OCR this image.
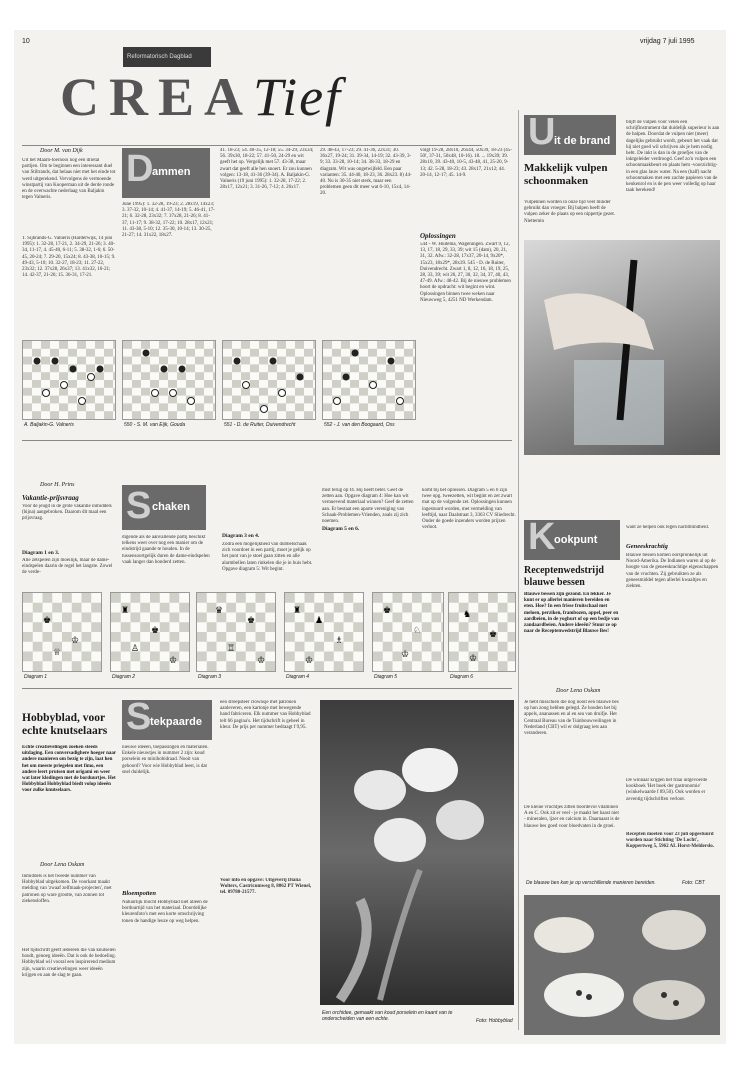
10	vrijdag 7 juli 1995
Reformatorisch Dagblad
CREATief
Door M. van Dijk
Uit het Maarn-toernooi nog een drietal partijen. Om te beginnen een interessant duel van Stiltrands, dat helaas niet met het einde tot werd uitgerekend. Vervolgens de vermoende winstpartij van Kooperman uit de derde ronde en de overwachte nederlaag van Baljakin tegen Valneris.
T. Sijbrands-G. Valneris (Harderwijk, 14 juni 1995): 1. 32-28, 17-21, 2. 34-29, 21-26; 3. 40-34, 11-17, 4. 45-40, 6-11; 5. 38-32, 1-6; 6. 50-45, 20-24; 7. 29-20, 15x24; 8. 43-38, 10-15; 9. 49-43, 5-10; 10. 32-27, 18-23; 11. 27-22, 23x32; 12. 37x28, 26x37; 13. 41x32, 16-21; 14. 42-37, 21-26; 15. 36-31, 17-21.
D
ammen
June 1995): 1. 32-28, 19-23; 2. 28x19, 14x23; 3. 37-32, 10-14; 4. 41-37, 14-19; 5. 46-41, 17-21; 6. 32-28, 23x32; 7. 37x28, 21-26; 8. 41-37, 11-17; 9. 38-32, 17-22; 10. 28x17, 12x21; 11. 43-38, 5-10; 12. 35-30, 10-14; 13. 30-25, 21-27; 14. 31x22, 18x27.
41. 18-23; 54. 40-35, 12-18; 55. 34-29, 23x34; 56. 39x30, 18-22; 57. 41-50, 24-29 en wit geeft het op. Vergelijk met 57. 43-38, maar zwart dat geeft alle hen snoert. Er zou kunnen volgen: 13-18, 41-36 (39-34). A. Baljakin-G. Valneris (19 juni 1995): 1. 32-28, 17-22; 2. 28x17, 12x21; 3. 31-26, 7-12; 4. 26x17.
29. 48-43, 17-23; 29. 41-36, 22x31; 30. 36x27, 19-24; 31. 39-34, 14-19; 32. 43-39, 3-9; 33. 33-28, 10-14; 34. 38-33, 18-29 en diagram. Wit was ongetwijfeld. Een paar varianten: 35. 44-40, 18-23, 36. 28x23. 8) 44-40. Nu is 30-35 niet sterk, maar een problemen geen dit meer wat 6-10, 15x4, 14-20.
volgt 19-28, 28x10, 26x44, 50x39, 18-23 (45-50!, 37-31, 50x48, 10-16). 18. ... 19x39; 39. 28x10, 39. 43-40, 10-5, 43-48, 41, 25-20, 9-13; 42. 5-28, 18-23; 43. 28x17, 21x12; 44. 20-14, 12-17; 45. 14-9.
Oplossingen
544 - W. Huitema, Wageningen. Zwart 9, 12, 13, 17, 18, 29, 33, 39; wit 15 (dam), 20, 21, 31, 32. Afw.: 32-28, 17x37, 20-14, 9x20*, 15x23, 18x29*, 28x39. 545 - D. de Ruiter, Duivendrecht. Zwart 1, 8, 12, 16, 18, 19, 25, 28, 33, 39; wit 26, 27, 30, 32, 34, 37, 40, 43, 47-49. Afw.: 48-42. Bij de nieuwe problemen hoort de opdracht: wit begint en wint. Oplossingen binnen twee weken naar Nieuwweg 5, 4251 ND Werkendam.
A. Baljakin-G. Valneris	550 - S. M. van Eijk, Gouda	551 - D. de Ruiter, Duivendrecht	552 - J. van den Boogaard, Oss
U
it de brand
Makkelijk vulpen schoonmaken
Vulpennen worden in onze tijd veel minder gebruikt dan vroeger. Bij balpen heeft de vulpen zeker de plaats op een nippertje gezet. Niettemin
blijft de vulpen voor velen een schrijfinstrument dat duidelijk superieur is aan de balpen. Doordat de vulpen niet (meer) dagelijks gebruikt wordt, gebeurt het vaak dat hij niet goed wil schrijven als je hem nodig hebt. De inkt is dan in de groefjes van de inktgeleider verdroogd. Geef zo'n vulpen een schoonmaakbeurt en plaats hem -voorzichtig- in een glas lauw water. Na een (half) nacht schoonmaken met een zachte papieren van de keukenrol en is de pen weer volledig op haar taak berekend!
Door H. Prins
Vakantie-prijsvraag
Voor de jeugd in de grote vakantie inmiddels (bijna) aangebroken. Daarom dit maal een prijsvraag.
Diagram 1 en 3.
Alle zetspelen zijn moeilijk, maar de dame-eindspelen daarin de regel het langste. Zowel de verde-
S chaken
digende als de aanvallende partij beschikt telkens weer over nog een manier om de eindstrijd gaande te houden. In de tussensoortgelijk duren de dame-eindspelen vaak langer dan honderd zetten.
Diagram 3 en 4.
Zodra een mogelijkheid van dubbelschaak zich voordoet in een partij, moet je gelijk op het punt van je stoel gaan zitten en alle alarmbellen laten rinkelen die je in huis hebt. Opgave diagram 5: Wit begint.
Diagram 5 en 6.
mist terug op f4. Hij heeft beter. Geef de zetten aan. Opgave diagram 4: Hoe kan wit vernuevend materiaal winnen? Geef de zetten aan. Er bestaat een aparte vereniging van Schaak-Problemen-Vrienden, zoals zij zich noemen.
komt bij het oplossen. Diagram 5 en 6 zijn twee opg. tweezetten, wit begint en zet zwart mat op de volgende zet. Oplossingen kunnen ingestuurd worden, met vermelding van leeftijd, naar Daalstraat 3, 3363 CV Sliedrecht. Onder de goede inzenders worden prijzen verloot.
♚
♔
♕
♜
♚
♙
♔
♛
♚
♖
♔
♜
♟
♗
♔
♚
♘
♔
♞
♚
♔
Diagram 1	Diagram 2	Diagram 3	Diagram 4	Diagram 5	Diagram 6
K
ookpunt
Receptenwedstrijd blauwe bessen
Blauwe bessen zijn gezond. En lekker. Je kunt er op allerlei manieren bereiden en eten. Hoe? In een frisse fruitschaal met meloen, perziken, frambozen, appel, peer en aardbeien, in de yoghurt of op een bedje van zandaardbeien. Andere ideeën? Stuur ze op naar de Receptenwedstrijd Blauwe Bes!
Door Lena Oskam
Je hebt misschien die nog nooit een blauwe bes op hun zoog hebben gelegd. Ze houden het bij appels, ananassen en al en sea van druifje. Het Centraal Bureau van de Tuinbouwveilingen in Nederland (CBT) wil er dolgraag iets aan veranderen.
De kleine vruchtjes zitten boordevol vitaminen A en C. Ook zit er veel - je maakt het haast niet - mineralen, ijzer en calcium in. Daarnaast is de blauwe bes goed voor bloedvaten in de groei.
want ze helpen ook tegen nachtblindheid.
Geneeskrachtig
Blauwe bessen komen oorspronkelijk uit Noord-Amerika. De Indianen waren al op de hoogte van de geneeskrachtige eigenschappen van de vruchten. Zij gebruikten ze als geneesmiddel tegen allerlei kwaaltjes en ziekten.
De winnaar krijgen het fraai uitgevoerde kookboek 'Het boek der gastronomie' (winkelwaarde f 89,50). Ook worden er zeventig tijdschriften verloot.
Recepten moeten voor 23 juli opgestuurd worden naar Stichting 'De Locht', Koppertweg 5, 5962 AL Horst-Melderslo.
De blauwe bes kan je op verschillende manieren bereiden.	Foto: CBT
Hobbyblad, voor echte knutselaars
Echte creatievelingen zoeken steeds uitdaging. Een conversadighere hoeger naar andere manieren om bezig te zijn, laat hen het om meeste priegelen met fimo, een andere leert prutsen met origami en weer wat later kledingen met de borduurtjes. Het Hobbyblad Hobbyblad biedt volop ideeën voor zulke knutselaars.
Door Lena Oskam
Inmiddels is het tweede nummer van Hobbyblad uitgekomen. De voorkant maakt melding van 'zwaaf zelfmaak-projecten', met patronen op ware grootte, van zonnen tot ziekensloffen.
Het tijdschrift geeft iedereen die van knutselen houdt, genoeg ideeën. Dat is ook de bedoeling. Hobbyblad wil vooral een inspirerend medium zijn, waarin creatievelingen weer ideeën krijgen en aan de slag te gaan.
S
tekpaarde
nieuwe ideeën, toepassingen en materialen. Enkele nieuwtjes in nummer 2 zijn: koud porselein en minihobidraad. Nooit van gehoord? Voor wie Hobbyblad leest, is dat snel duidelijk.
Bloempotten
Natuurlijk mocht Hobbyblad niet alleen de borduurtijd van het materiaal. Doordelijke kleurenfoto's met een korte omschrijving tonen de handige leuze op weg helpen.
een streepsteer clownsje met patronen aanleveren, een kartonje met bewegende hand fabriceren. Elk nummer van Hobbyblad telt 66 pagina's. Het tijdschrift is geheel in kleur. De prijs per nummer bedraagt f 9,95.
Voor info en opgave: Uitgeverij Diana Wolters, Castricumweg 8, 8062 PT Wienel, tel. 09780-21577.
Een orchidee, gemaakt van koud porselein en kaant van te onderscheiden van een echte.	Foto: Hobbyblad
